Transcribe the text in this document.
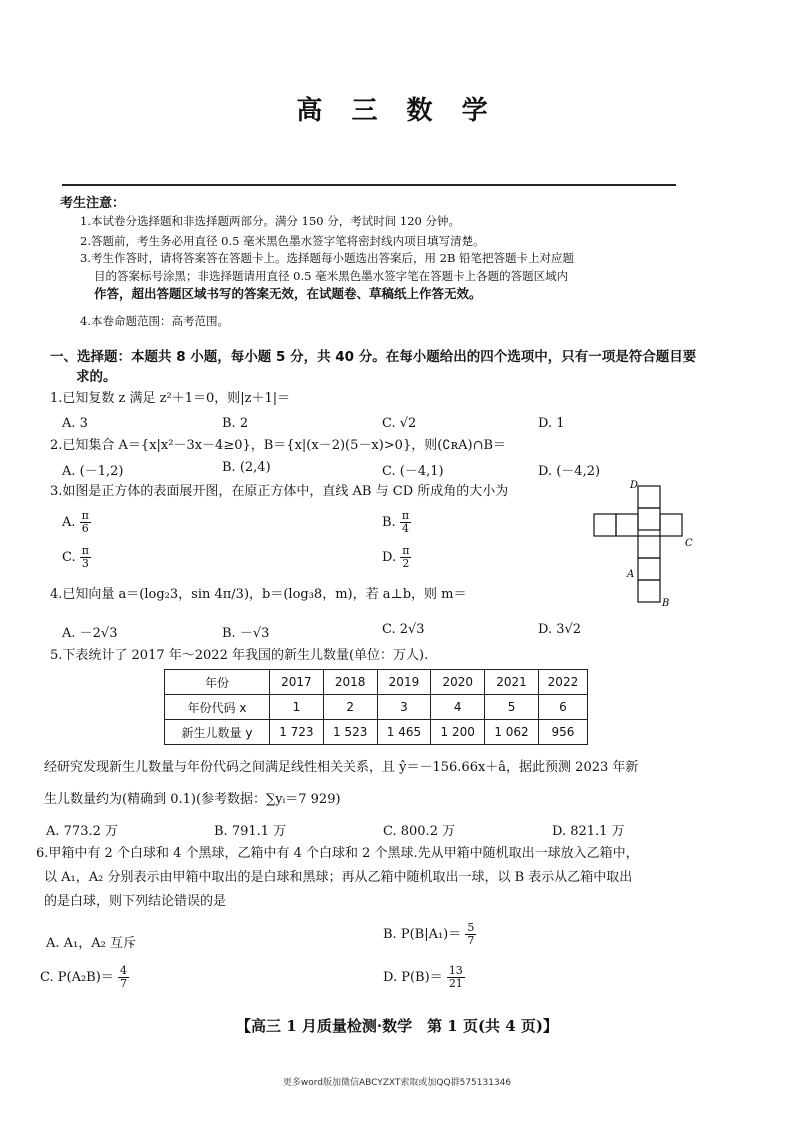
高 三 数 学
考生注意：
1.本试卷分选择题和非选择题两部分。满分 150 分，考试时间 120 分钟。
2.答题前，考生务必用直径 0.5 毫米黑色墨水签字笔将密封线内项目填写清楚。
3.考生作答时，请将答案答在答题卡上。选择题每小题选出答案后，用 2B 铅笔把答题卡上对应题
目的答案标号涂黑；非选择题请用直径 0.5 毫米黑色墨水签字笔在答题卡上各题的答题区域内
作答，超出答题区域书写的答案无效，在试题卷、草稿纸上作答无效。
4.本卷命题范围：高考范围。
一、选择题：本题共 8 小题，每小题 5 分，共 40 分。在每小题给出的四个选项中，只有一项是符合题目要
求的。
1.已知复数 z 满足 z²＋1＝0，则|z＋1|＝
A. 3	B. 2	C. √2	D. 1
2.已知集合 A＝{x|x²－3x－4≥0}，B＝{x|(x－2)(5－x)>0}，则(∁ʀA)∩B＝
A. (－1,2)	B. (2,4)	C. (－4,1)	D. (－4,2)
3.如图是正方体的表面展开图，在原正方体中，直线 AB 与 CD 所成角的大小为
A. $\frac{\pi}{6}$	B. $\frac{\pi}{4}$
C. $\frac{\pi}{3}$	D. $\frac{\pi}{2}$
D
C
A
B
4.已知向量 a＝(log₂3，sin 4π/3)，b＝(log₃8，m)，若 a⊥b，则 m＝
A. －2√3	B. －√3	C. 2√3	D. 3√2
5.下表统计了 2017 年～2022 年我国的新生儿数量(单位：万人).
年份	2017	2018	2019	2020	2021	2022
年份代码 x	1	2	3	4	5	6
新生儿数量 y	1 723	1 523	1 465	1 200	1 062	956
经研究发现新生儿数量与年份代码之间满足线性相关关系，且 ŷ＝－156.66x＋â，据此预测 2023 年新
生儿数量约为(精确到 0.1)(参考数据：∑yᵢ＝7 929)
A. 773.2 万	B. 791.1 万	C. 800.2 万	D. 821.1 万
6.甲箱中有 2 个白球和 4 个黑球，乙箱中有 4 个白球和 2 个黑球.先从甲箱中随机取出一球放入乙箱中，
以 A₁，A₂ 分别表示由甲箱中取出的是白球和黑球；再从乙箱中随机取出一球，以 B 表示从乙箱中取出
的是白球，则下列结论错误的是
A. A₁，A₂ 互斥
B. $P(B|A_1)= \frac{5}{7}$
C. $P(A_2B)= \frac{4}{7}$	D. $P(B)= \frac{13}{21}$
【高三 1 月质量检测·数学　第 1 页(共 4 页)】
更多word版加微信ABCYZXT索取或加QQ群575131346
